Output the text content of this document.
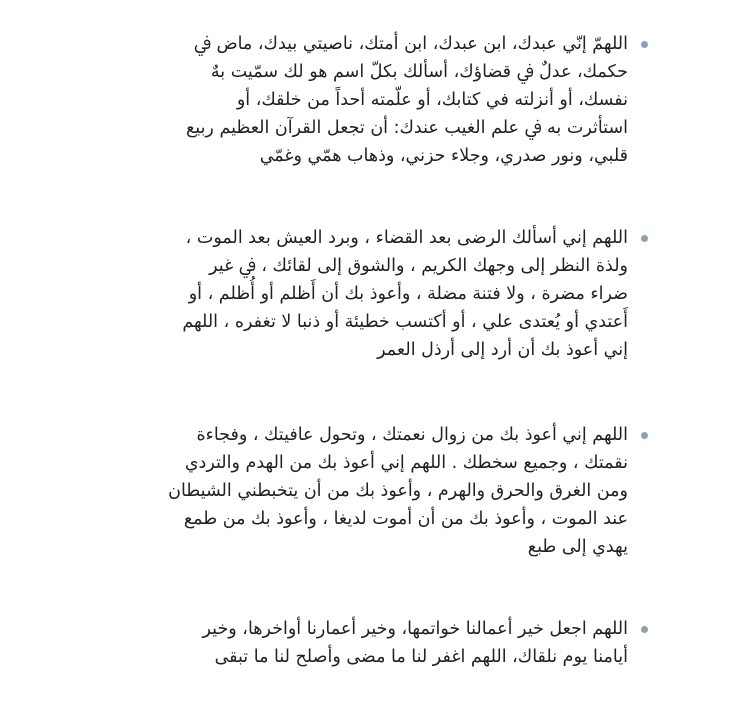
اللهمّ إنّي عبدك، ابن عبدك، ابن أمتك، ناصيتي بيدك، ماض ﰲ
حكمك، عدلٌ ﰲ قضاؤك، أسألك بكلّ اسم هو لك سمّيت بهٌ
نفسك، أو أنزلته في كتابك، أو علّمته أحداً من خلقك، أو
استأثرت به ﰲ علم الغيب عندك: أن تجعل القرآن العظيم ربيع
قلبي، ونور صدري، وجلاء حزني، وذهاب همّي وغمّي
اللهم إني أسألك الرضى بعد القضاء ، وبرد العيش بعد الموت ،
ولذة النظر إلى وجهك الكريم ، والشوق إلى لقائك ، ﰲ غير
ضراء مضرة ، ولا فتنة مضلة ، وأعوذ بك أن أَظلم أو أُظلم ، أو
أَعتدي أو يُعتدى علي ، أو أكتسب خطيئة أو ذنبا لا تغفره ، اللهم
إني أعوذ بك أن أرد إلى أرذل العمر
اللهم إني أعوذ بك من زوال نعمتك ، وتحول عافيتك ، وفجاءة
نقمتك ، وجميع سخطك . اللهم إني أعوذ بك من الهدم والتردي
ومن الغرق والحرق والهرم ، وأعوذ بك من أن يتخبطني الشيطان
عند الموت ، وأعوذ بك من أن أموت لديغا ، وأعوذ بك من طمع
يهدي إلى طبع
اللهم اجعل خير أعمالنا خواتمها، وخير أعمارنا أواخرها، وخير
أيامنا يوم نلقاك، اللهم اغفر لنا ما مضى وأصلح لنا ما تبقى
